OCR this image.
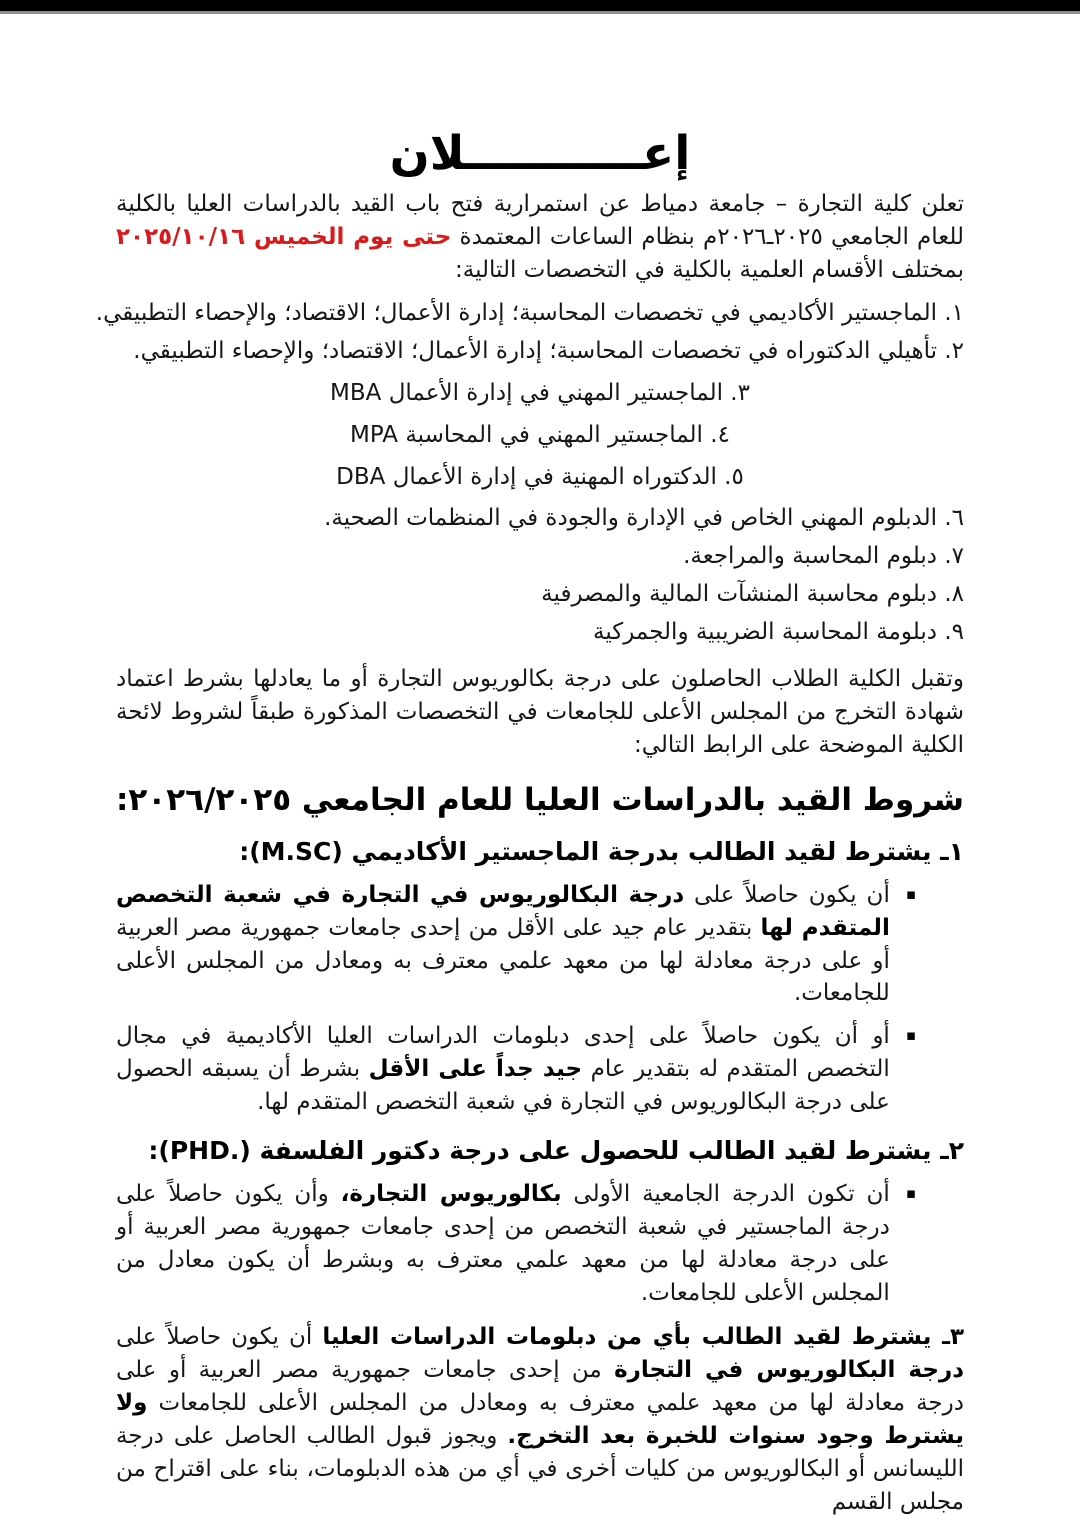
إعـــــــــــلان

تعلن كلية التجارة – جامعة دمياط عن استمرارية فتح باب القيد بالدراسات العليا بالكلية للعام الجامعي ٢٠٢٥ـ٢٠٢٦م بنظام الساعات المعتمدة حتى يوم الخميس ٢٠٢٥/١٠/١٦ بمختلف الأقسام العلمية بالكلية في التخصصات التالية:

١. الماجستير الأكاديمي في تخصصات المحاسبة؛ إدارة الأعمال؛ الاقتصاد؛ والإحصاء التطبيقي.
٢. تأهيلي الدكتوراه في تخصصات المحاسبة؛ إدارة الأعمال؛ الاقتصاد؛ والإحصاء التطبيقي.
٣. الماجستير المهني في إدارة الأعمال MBA
٤. الماجستير المهني في المحاسبة MPA
٥. الدكتوراه المهنية في إدارة الأعمال DBA
٦. الدبلوم المهني الخاص في الإدارة والجودة في المنظمات الصحية.
٧. دبلوم المحاسبة والمراجعة.
٨. دبلوم محاسبة المنشآت المالية والمصرفية
٩. دبلومة المحاسبة الضريبية والجمركية

وتقبل الكلية الطلاب الحاصلون على درجة بكالوريوس التجارة أو ما يعادلها بشرط اعتماد شهادة التخرج من المجلس الأعلى للجامعات في التخصصات المذكورة طبقاً لشروط لائحة الكلية الموضحة على الرابط التالي:

شروط القيد بالدراسات العليا للعام الجامعي ٢٠٢٦/٢٠٢٥:
١ـ يشترط لقيد الطالب بدرجة الماجستير الأكاديمي (M.SC):
▪

أن يكون حاصلاً على درجة البكالوريوس في التجارة في شعبة التخصص المتقدم لها بتقدير عام جيد على الأقل من إحدى جامعات جمهورية مصر العربية أو على درجة معادلة لها من معهد علمي معترف به ومعادل من المجلس الأعلى للجامعات.

▪

أو أن يكون حاصلاً على إحدى دبلومات الدراسات العليا الأكاديمية في مجال التخصص المتقدم له بتقدير عام جيد جداً على الأقل بشرط أن يسبقه الحصول على درجة البكالوريوس في التجارة في شعبة التخصص المتقدم لها.

٢ـ يشترط لقيد الطالب للحصول على درجة دكتور الفلسفة (.PHD):
▪

أن تكون الدرجة الجامعية الأولى بكالوريوس التجارة، وأن يكون حاصلاً على درجة الماجستير في شعبة التخصص من إحدى جامعات جمهورية مصر العربية أو على درجة معادلة لها من معهد علمي معترف به وبشرط أن يكون معادل من المجلس الأعلى للجامعات.

٣ـ يشترط لقيد الطالب بأي من دبلومات الدراسات العليا أن يكون حاصلاً على درجة البكالوريوس في التجارة من إحدى جامعات جمهورية مصر العربية أو على درجة معادلة لها من معهد علمي معترف به ومعادل من المجلس الأعلى للجامعات ولا يشترط وجود سنوات للخبرة بعد التخرج. ويجوز قبول الطالب الحاصل على درجة الليسانس أو البكالوريوس من كليات أخرى في أي من هذه الدبلومات، بناء على اقتراح من مجلس القسم
